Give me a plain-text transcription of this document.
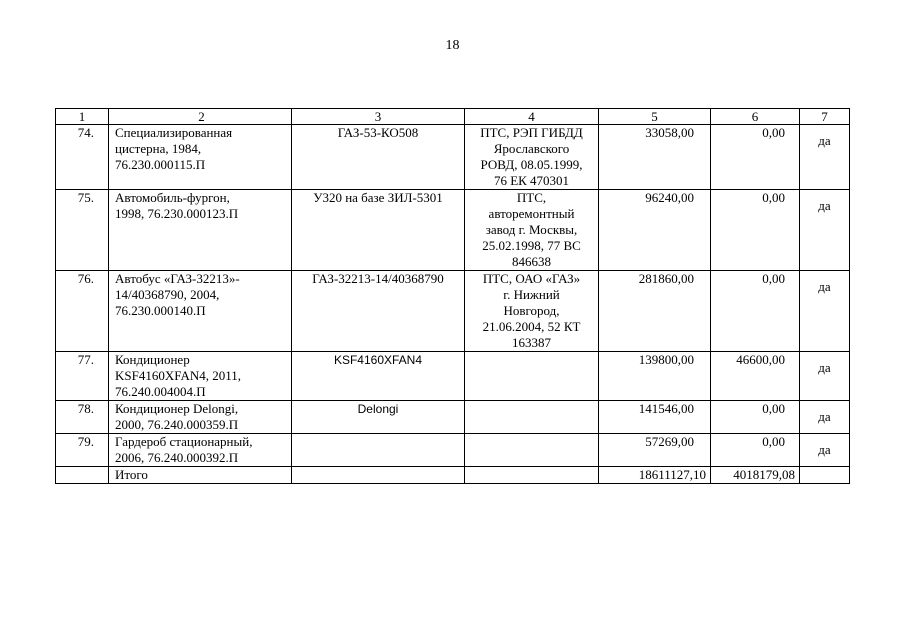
18
1	2	3	4	5	6	7
74.	Специализированная
цистерна, 1984,
76.230.000115.П	ГАЗ-53-КО508	ПТС, РЭП ГИБДД
Ярославского
РОВД, 08.05.1999,
76 ЕК 470301	33058,00	0,00	да
75.	Автомобиль-фургон,
1998, 76.230.000123.П	У320 на базе ЗИЛ-5301	ПТС,
авторемонтный
завод г. Москвы,
25.02.1998, 77 ВС
846638	96240,00	0,00	да
76.	Автобус «ГАЗ-32213»-
14/40368790, 2004,
76.230.000140.П	ГАЗ-32213-14/40368790	ПТС, ОАО «ГАЗ»
г. Нижний
Новгород,
21.06.2004, 52 КТ
163387	281860,00	0,00	да
77.	Кондиционер
KSF4160XFAN4, 2011,
76.240.004004.П	KSF4160XFAN4		139800,00	46600,00	да
78.	Кондиционер Delongi,
2000, 76.240.000359.П	Delongi		141546,00	0,00	да
79.	Гардероб стационарный,
2006, 76.240.000392.П			57269,00	0,00	да
	Итого			18611127,10	4018179,08	
